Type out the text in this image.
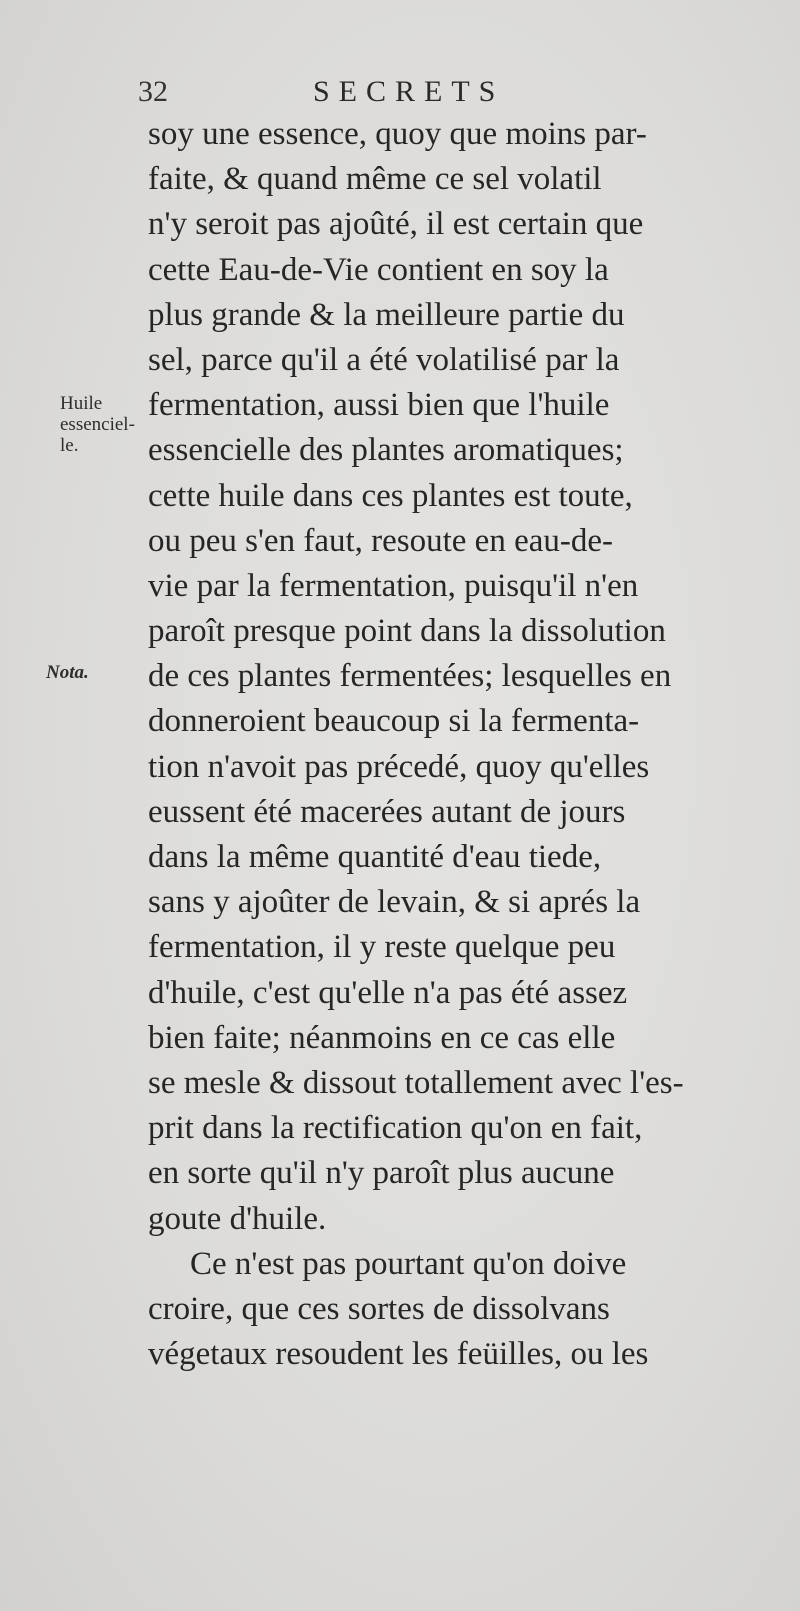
32	SECRETS
Huile
essenciel-
le.
Nota.
soy une essence, quoy que moins par-
faite, & quand même ce sel volatil
n'y seroit pas ajoûté, il est certain que
cette Eau-de-Vie contient en soy la
plus grande & la meilleure partie du
sel, parce qu'il a été volatilisé par la
fermentation, aussi bien que l'huile
essencielle des plantes aromatiques;
cette huile dans ces plantes est toute,
ou peu s'en faut, resoute en eau-de-
vie par la fermentation, puisqu'il n'en
paroît presque point dans la dissolution
de ces plantes fermentées; lesquelles en
donneroient beaucoup si la fermenta-
tion n'avoit pas précedé, quoy qu'elles
eussent été macerées autant de jours
dans la même quantité d'eau tiede,
sans y ajoûter de levain, & si aprés la
fermentation, il y reste quelque peu
d'huile, c'est qu'elle n'a pas été assez
bien faite; néanmoins en ce cas elle
se mesle & dissout totallement avec l'es-
prit dans la rectification qu'on en fait,
en sorte qu'il n'y paroît plus aucune
goute d'huile.
Ce n'est pas pourtant qu'on doive
croire, que ces sortes de dissolvans
végetaux resoudent les feüilles, ou les
